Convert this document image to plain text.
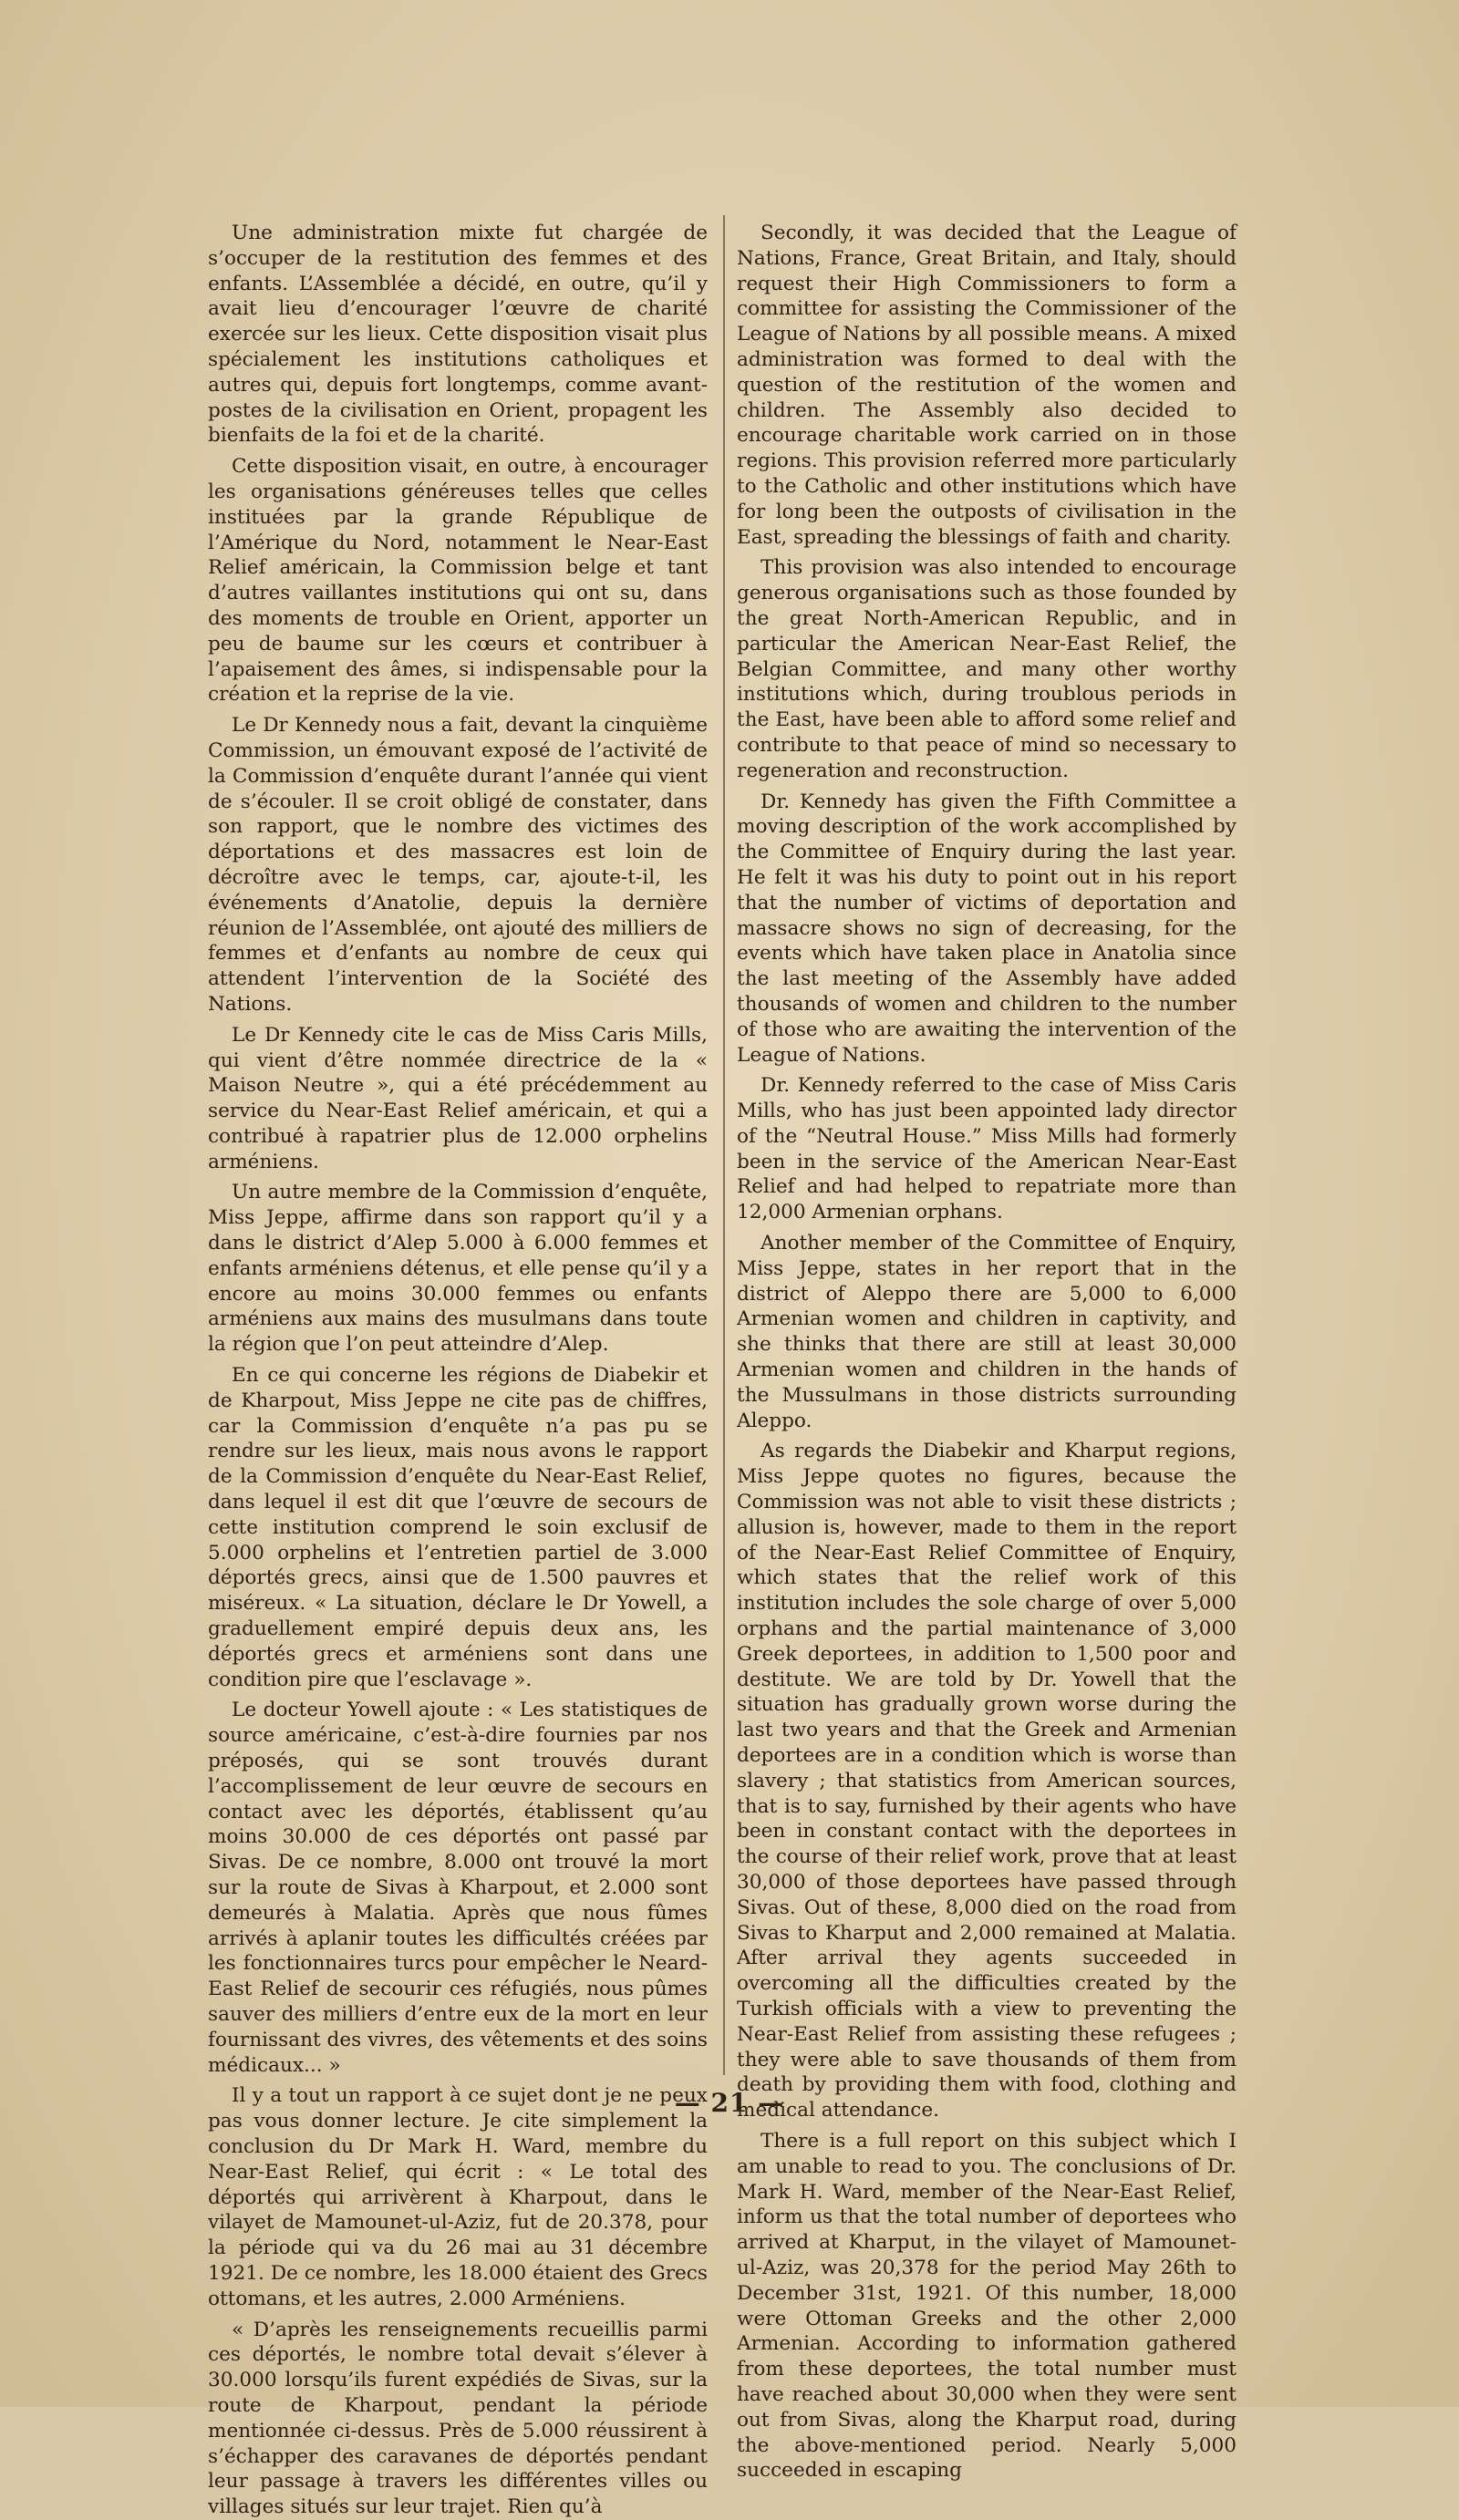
Une administration mixte fut chargée de s’occuper de la restitution des femmes et des enfants. L’Assemblée a décidé, en outre, qu’il y avait lieu d’encourager l’œuvre de charité exercée sur les lieux. Cette disposition visait plus spécialement les institutions catholiques et autres qui, depuis fort longtemps, comme avant-postes de la civilisation en Orient, propagent les bienfaits de la foi et de la charité.

Cette disposition visait, en outre, à encourager les organisations généreuses telles que celles instituées par la grande République de l’Amérique du Nord, notamment le Near-East Relief américain, la Commission belge et tant d’autres vaillantes institutions qui ont su, dans des moments de trouble en Orient, apporter un peu de baume sur les cœurs et contribuer à l’apaisement des âmes, si indispensable pour la création et la reprise de la vie.

Le Dr Kennedy nous a fait, devant la cinquième Commission, un émouvant exposé de l’activité de la Commission d’enquête durant l’année qui vient de s’écouler. Il se croit obligé de constater, dans son rapport, que le nombre des victimes des déportations et des massacres est loin de décroître avec le temps, car, ajoute-t-il, les événements d’Anatolie, depuis la dernière réunion de l’Assemblée, ont ajouté des milliers de femmes et d’enfants au nombre de ceux qui attendent l’intervention de la Société des Nations.

Le Dr Kennedy cite le cas de Miss Caris Mills, qui vient d’être nommée directrice de la « Maison Neutre », qui a été précédemment au service du Near-East Relief américain, et qui a contribué à rapatrier plus de 12.000 orphelins arméniens.

Un autre membre de la Commission d’enquête, Miss Jeppe, affirme dans son rapport qu’il y a dans le district d’Alep 5.000 à 6.000 femmes et enfants arméniens détenus, et elle pense qu’il y a encore au moins 30.000 femmes ou enfants arméniens aux mains des musulmans dans toute la région que l’on peut atteindre d’Alep.

En ce qui concerne les régions de Diabekir et de Kharpout, Miss Jeppe ne cite pas de chiffres, car la Commission d’enquête n’a pas pu se rendre sur les lieux, mais nous avons le rapport de la Commission d’enquête du Near-East Relief, dans lequel il est dit que l’œuvre de secours de cette institution comprend le soin exclusif de 5.000 orphelins et l’entretien partiel de 3.000 déportés grecs, ainsi que de 1.500 pauvres et miséreux. « La situation, déclare le Dr Yowell, a graduellement empiré depuis deux ans, les déportés grecs et arméniens sont dans une condition pire que l’esclavage ».

Le docteur Yowell ajoute : « Les statistiques de source américaine, c’est-à-dire fournies par nos préposés, qui se sont trouvés durant l’accomplissement de leur œuvre de secours en contact avec les déportés, établissent qu’au moins 30.000 de ces déportés ont passé par Sivas. De ce nombre, 8.000 ont trouvé la mort sur la route de Sivas à Kharpout, et 2.000 sont demeurés à Malatia. Après que nous fûmes arrivés à aplanir toutes les difficultés créées par les fonctionnaires turcs pour empêcher le Neard-East Relief de secourir ces réfugiés, nous pûmes sauver des milliers d’entre eux de la mort en leur fournissant des vivres, des vêtements et des soins médicaux... »

Il y a tout un rapport à ce sujet dont je ne peux pas vous donner lecture. Je cite simplement la conclusion du Dr Mark H. Ward, membre du Near-East Relief, qui écrit : « Le total des déportés qui arrivèrent à Kharpout, dans le vilayet de Mamounet-ul-Aziz, fut de 20.378, pour la période qui va du 26 mai au 31 décembre 1921. De ce nombre, les 18.000 étaient des Grecs ottomans, et les autres, 2.000 Arméniens.

« D’après les renseignements recueillis parmi ces déportés, le nombre total devait s’élever à 30.000 lorsqu’ils furent expédiés de Sivas, sur la route de Kharpout, pendant la période mentionnée ci-dessus. Près de 5.000 réussirent à s’échapper des caravanes de déportés pendant leur passage à travers les différentes villes ou villages situés sur leur trajet. Rien qu’à

Secondly, it was decided that the League of Nations, France, Great Britain, and Italy, should request their High Commissioners to form a committee for assisting the Commissioner of the League of Nations by all possible means. A mixed administration was formed to deal with the question of the restitution of the women and children. The Assembly also decided to encourage charitable work carried on in those regions. This provision referred more particularly to the Catholic and other institutions which have for long been the outposts of civilisation in the East, spreading the blessings of faith and charity.

This provision was also intended to encourage generous organisations such as those founded by the great North-American Republic, and in particular the American Near-East Relief, the Belgian Committee, and many other worthy institutions which, during troublous periods in the East, have been able to afford some relief and contribute to that peace of mind so necessary to regeneration and reconstruction.

Dr. Kennedy has given the Fifth Committee a moving description of the work accomplished by the Committee of Enquiry during the last year. He felt it was his duty to point out in his report that the number of victims of deportation and massacre shows no sign of decreasing, for the events which have taken place in Anatolia since the last meeting of the Assembly have added thousands of women and children to the number of those who are awaiting the intervention of the League of Nations.

Dr. Kennedy referred to the case of Miss Caris Mills, who has just been appointed lady director of the “Neutral House.” Miss Mills had formerly been in the service of the American Near-East Relief and had helped to repatriate more than 12,000 Armenian orphans.

Another member of the Committee of Enquiry, Miss Jeppe, states in her report that in the district of Aleppo there are 5,000 to 6,000 Armenian women and children in captivity, and she thinks that there are still at least 30,000 Armenian women and children in the hands of the Mussulmans in those districts surrounding Aleppo.

As regards the Diabekir and Kharput regions, Miss Jeppe quotes no figures, because the Commission was not able to visit these districts ; allusion is, however, made to them in the report of the Near-East Relief Committee of Enquiry, which states that the relief work of this institution includes the sole charge of over 5,000 orphans and the partial maintenance of 3,000 Greek deportees, in addition to 1,500 poor and destitute. We are told by Dr. Yowell that the situation has gradually grown worse during the last two years and that the Greek and Armenian deportees are in a condition which is worse than slavery ; that statistics from American sources, that is to say, furnished by their agents who have been in constant contact with the deportees in the course of their relief work, prove that at least 30,000 of those deportees have passed through Sivas. Out of these, 8,000 died on the road from Sivas to Kharput and 2,000 remained at Malatia. After arrival they agents succeeded in overcoming all the difficulties created by the Turkish officials with a view to preventing the Near-East Relief from assisting these refugees ; they were able to save thousands of them from death by providing them with food, clothing and medical attendance.

There is a full report on this subject which I am unable to read to you. The conclusions of Dr. Mark H. Ward, member of the Near-East Relief, inform us that the total number of deportees who arrived at Kharput, in the vilayet of Mamounet-ul-Aziz, was 20,378 for the period May 26th to December 31st, 1921. Of this number, 18,000 were Ottoman Greeks and the other 2,000 Armenian. According to information gathered from these deportees, the total number must have reached about 30,000 when they were sent out from Sivas, along the Kharput road, during the above-mentioned period. Nearly 5,000 succeeded in escaping

— 21 —
